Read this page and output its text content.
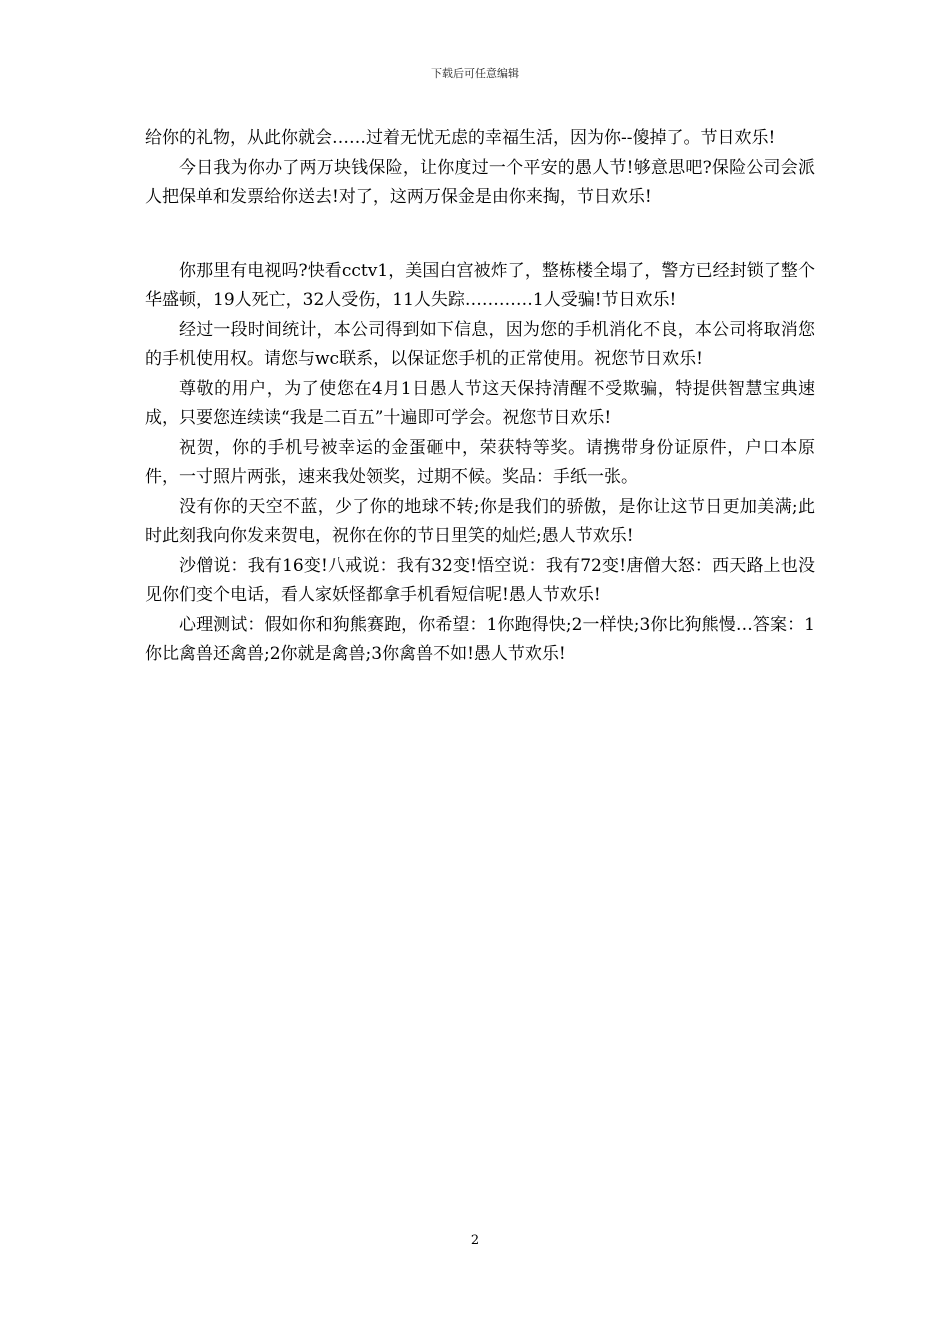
下载后可任意编辑

给你的礼物，从此你就会……过着无忧无虑的幸福生活，因为你--傻掉了。节日欢乐!

今日我为你办了两万块钱保险，让你度过一个平安的愚人节!够意思吧?保险公司会派人把保单和发票给你送去!对了，这两万保金是由你来掏，节日欢乐!

你那里有电视吗?快看cctv1，美国白宫被炸了，整栋楼全塌了，警方已经封锁了整个华盛顿，19人死亡，32人受伤，11人失踪…………1人受骗!节日欢乐!

经过一段时间统计，本公司得到如下信息，因为您的手机消化不良，本公司将取消您的手机使用权。请您与wc联系，以保证您手机的正常使用。祝您节日欢乐!

尊敬的用户，为了使您在4月1日愚人节这天保持清醒不受欺骗，特提供智慧宝典速成，只要您连续读“我是二百五”十遍即可学会。祝您节日欢乐!

祝贺，你的手机号被幸运的金蛋砸中，荣获特等奖。请携带身份证原件，户口本原件，一寸照片两张，速来我处领奖，过期不候。奖品：手纸一张。

没有你的天空不蓝，少了你的地球不转;你是我们的骄傲，是你让这节日更加美满;此时此刻我向你发来贺电，祝你在你的节日里笑的灿烂;愚人节欢乐!

沙僧说：我有16变!八戒说：我有32变!悟空说：我有72变!唐僧大怒：西天路上也没见你们变个电话，看人家妖怪都拿手机看短信呢!愚人节欢乐!

心理测试：假如你和狗熊赛跑，你希望：1你跑得快;2一样快;3你比狗熊慢…答案：1你比禽兽还禽兽;2你就是禽兽;3你禽兽不如!愚人节欢乐!

2
